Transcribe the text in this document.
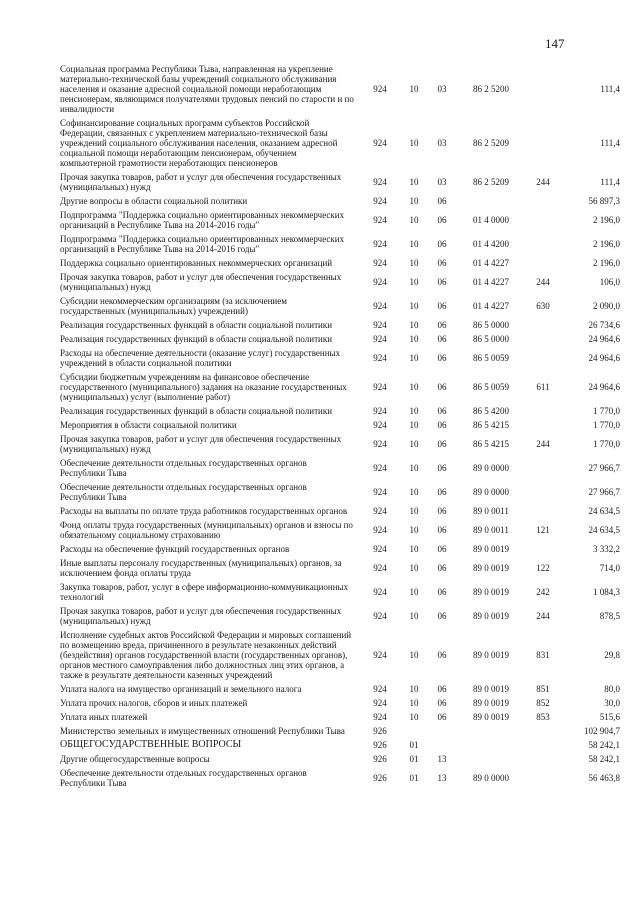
147
Социальная программа Республики Тыва, направленная на укрепление материально-технической базы учреждений социального обслуживания населения и оказание адресной социальной помощи неработающим пенсионерам, являющимся получателями трудовых пенсий по старости и по инвалидности
924	10	03	86 2 5200	111,4
Софинансирование социальных программ субъектов Российской Федерации, связанных с укреплением материально-технической базы учреждений социального обслуживания населения, оказанием адресной социальной помощи неработающим пенсионерам, обучением компьютерной грамотности неработающих пенсионеров
924	10	03	86 2 5209	111,4
Прочая закупка товаров, работ и услуг для обеспечения государственных (муниципальных) нужд	924	10	03	86 2 5209	244	111,4
Другие вопросы в области социальной политики	924	10	06	56 897,3
Подпрограмма "Поддержка социально ориентированных некоммерческих организаций в Республике Тыва на 2014-2016 годы"	924	10	06	01 4 0000	2 196,0
Подпрограмма "Поддержка социально ориентированных некоммерческих организаций в Республике Тыва на 2014-2016 годы"	924	10	06	01 4 4200	2 196,0
Поддержка социально ориентированных некоммерческих организаций	924	10	06	01 4 4227	2 196,0
Прочая закупка товаров, работ и услуг для обеспечения государственных (муниципальных) нужд	924	10	06	01 4 4227	244	106,0
Субсидии некоммерческим организациям (за исключением государственных (муниципальных) учреждений)	924	10	06	01 4 4227	630	2 090,0
Реализация государственных функций в области социальной политики	924	10	06	86 5 0000	26 734,6
Реализация государственных функций в области социальной политики	924	10	06	86 5 0000	24 964,6
Расходы на обеспечение деятельности (оказание услуг) государственных учреждений в области социальной политики	924	10	06	86 5 0059	24 964,6
Субсидии бюджетным учреждениям на финансовое обеспечение государственного (муниципального) задания на оказание государственных (муниципальных) услуг (выполнение работ)
924	10	06	86 5 0059	611	24 964,6
Реализация государственных функций в области социальной политики	924	10	06	86 5 4200	1 770,0
Мероприятия в области социальной политики	924	10	06	86 5 4215	1 770,0
Прочая закупка товаров, работ и услуг для обеспечения государственных (муниципальных) нужд	924	10	06	86 5 4215	244	1 770,0
Обеспечение деятельности отдельных государственных органов Республики Тыва	924	10	06	89 0 0000	27 966,7
Обеспечение деятельности отдельных государственных органов Республики Тыва	924	10	06	89 0 0000	27 966,7
Расходы на выплаты по оплате труда работников государственных органов	924	10	06	89 0 0011	24 634,5
Фонд оплаты труда государственных (муниципальных) органов и взносы по обязательному социальному страхованию	924	10	06	89 0 0011	121	24 634,5
Расходы на обеспечение функций государственных органов	924	10	06	89 0 0019	3 332,2
Иные выплаты персоналу государственных (муниципальных) органов, за исключением фонда оплаты труда	924	10	06	89 0 0019	122	714,0
Закупка товаров, работ, услуг в сфере информационно-коммуникационных технологий	924	10	06	89 0 0019	242	1 084,3
Прочая закупка товаров, работ и услуг для обеспечения государственных (муниципальных) нужд	924	10	06	89 0 0019	244	878,5
Исполнение судебных актов Российской Федерации и мировых соглашений по возмещению вреда, причиненного в результате незаконных действий (бездействия) органов государственной власти (государственных органов), органов местного самоуправления либо должностных лиц этих органов, а также в результате деятельности казенных учреждений
924	10	06	89 0 0019	831	29,8
Уплата налога на имущество организаций и земельного налога	924	10	06	89 0 0019	851	80,0
Уплата прочих налогов, сборов и иных платежей	924	10	06	89 0 0019	852	30,0
Уплата иных платежей	924	10	06	89 0 0019	853	515,6
Министерство земельных и имущественных отношений Республики Тыва	926	102 904,7
ОБЩЕГОСУДАРСТВЕННЫЕ ВОПРОСЫ	926	01	58 242,1
Другие общегосударственные вопросы	926	01	13	58 242,1
Обеспечение деятельности отдельных государственных органов Республики Тыва	926	01	13	89 0 0000	56 463,8
